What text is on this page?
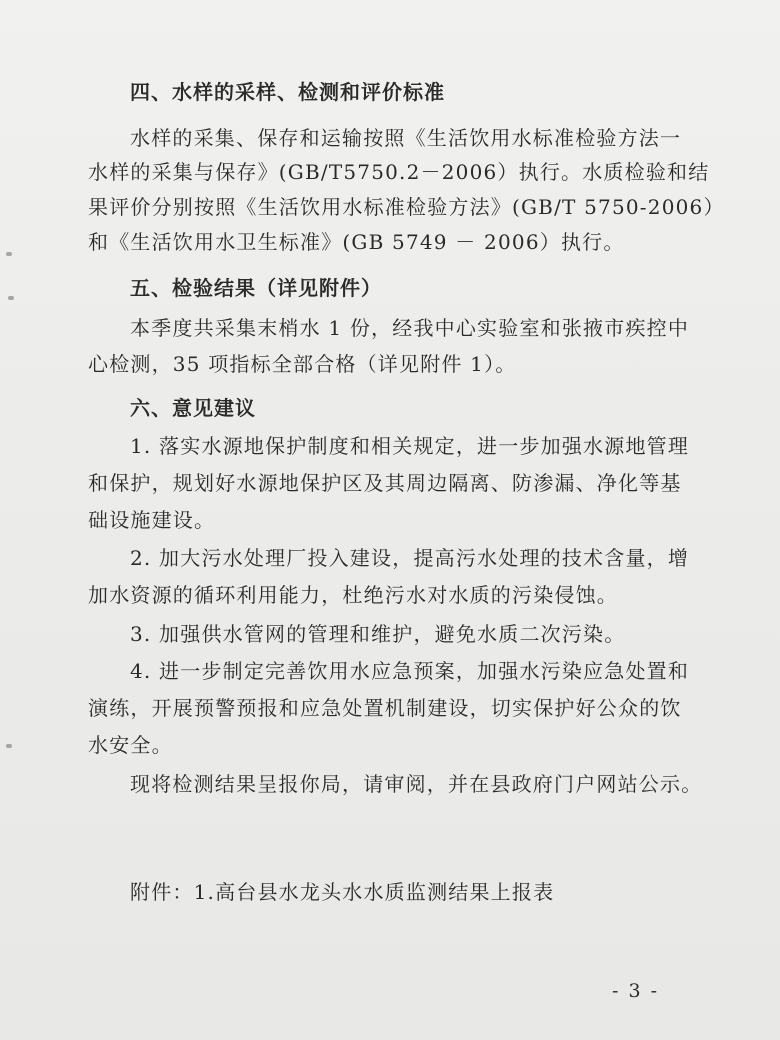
四、水样的采样、检测和评价标准
水样的采集、保存和运输按照《生活饮用水标准检验方法一
水样的采集与保存》(GB/T5750.2－2006）执行。水质检验和结
果评价分别按照《生活饮用水标准检验方法》(GB/T 5750-2006）
和《生活饮用水卫生标准》(GB 5749 － 2006）执行。
五、检验结果（详见附件）
本季度共采集末梢水 1 份，经我中心实验室和张掖市疾控中
心检测，35 项指标全部合格（详见附件 1）。
六、意见建议
1. 落实水源地保护制度和相关规定，进一步加强水源地管理
和保护，规划好水源地保护区及其周边隔离、防渗漏、净化等基
础设施建设。
2. 加大污水处理厂投入建设，提高污水处理的技术含量，增
加水资源的循环利用能力，杜绝污水对水质的污染侵蚀。
3. 加强供水管网的管理和维护，避免水质二次污染。
4. 进一步制定完善饮用水应急预案，加强水污染应急处置和
演练，开展预警预报和应急处置机制建设，切实保护好公众的饮
水安全。
现将检测结果呈报你局，请审阅，并在县政府门户网站公示。
附件：1.高台县水龙头水水质监测结果上报表
- 3 -
